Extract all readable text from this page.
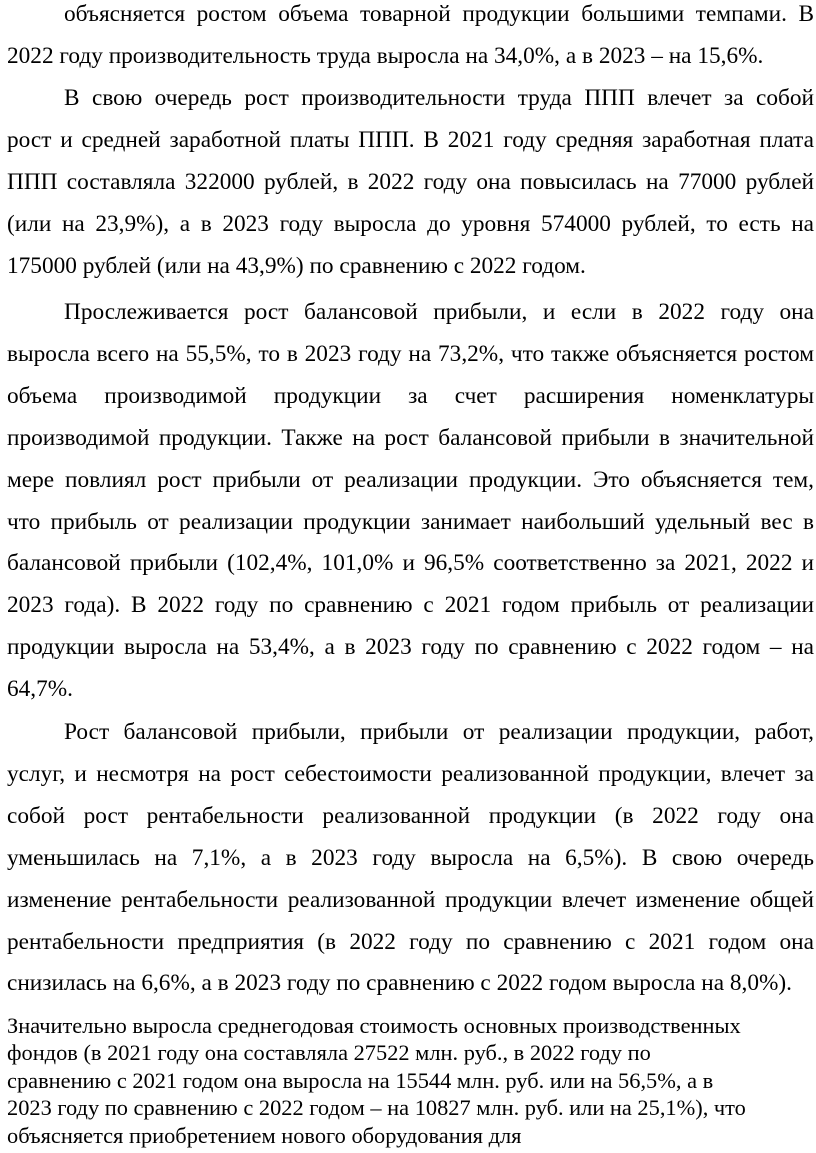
объясняется ростом объема товарной продукции большими темпами. В

2022 году производительность труда выросла на 34,0%, а в 2023 – на 15,6%.

В свою очередь рост производительности труда ППП влечет за собой

рост и средней заработной платы ППП. В 2021 году средняя заработная плата

ППП составляла 322000 рублей, в 2022 году она повысилась на 77000 рублей

(или на 23,9%), а в 2023 году выросла до уровня 574000 рублей, то есть на

175000 рублей (или на 43,9%) по сравнению с 2022 годом.

Прослеживается рост балансовой прибыли, и если в 2022 году она

выросла всего на 55,5%, то в 2023 году на 73,2%, что также объясняется ростом

объема производимой продукции за счет расширения номенклатуры

производимой продукции. Также на рост балансовой прибыли в значительной

мере повлиял рост прибыли от реализации продукции. Это объясняется тем,

что прибыль от реализации продукции занимает наибольший удельный вес в

балансовой прибыли (102,4%, 101,0% и 96,5% соответственно за 2021, 2022 и

2023 года). В 2022 году по сравнению с 2021 годом прибыль от реализации

продукции выросла на 53,4%, а в 2023 году по сравнению с 2022 годом – на

64,7%.

Рост балансовой прибыли, прибыли от реализации продукции, работ,

услуг, и несмотря на рост себестоимости реализованной продукции, влечет за

собой рост рентабельности реализованной продукции (в 2022 году она

уменьшилась на 7,1%, а в 2023 году выросла на 6,5%). В свою очередь

изменение рентабельности реализованной продукции влечет изменение общей

рентабельности предприятия (в 2022 году по сравнению с 2021 годом она

снизилась на 6,6%, а в 2023 году по сравнению с 2022 годом выросла на 8,0%).

Значительно выросла среднегодовая стоимость основных производственных

фондов (в 2021 году она составляла 27522 млн. руб., в 2022 году по

сравнению с 2021 годом она выросла на 15544 млн. руб. или на 56,5%, а в

2023 году по сравнению с 2022 годом – на 10827 млн. руб. или на 25,1%), что

объясняется приобретением нового оборудования для
